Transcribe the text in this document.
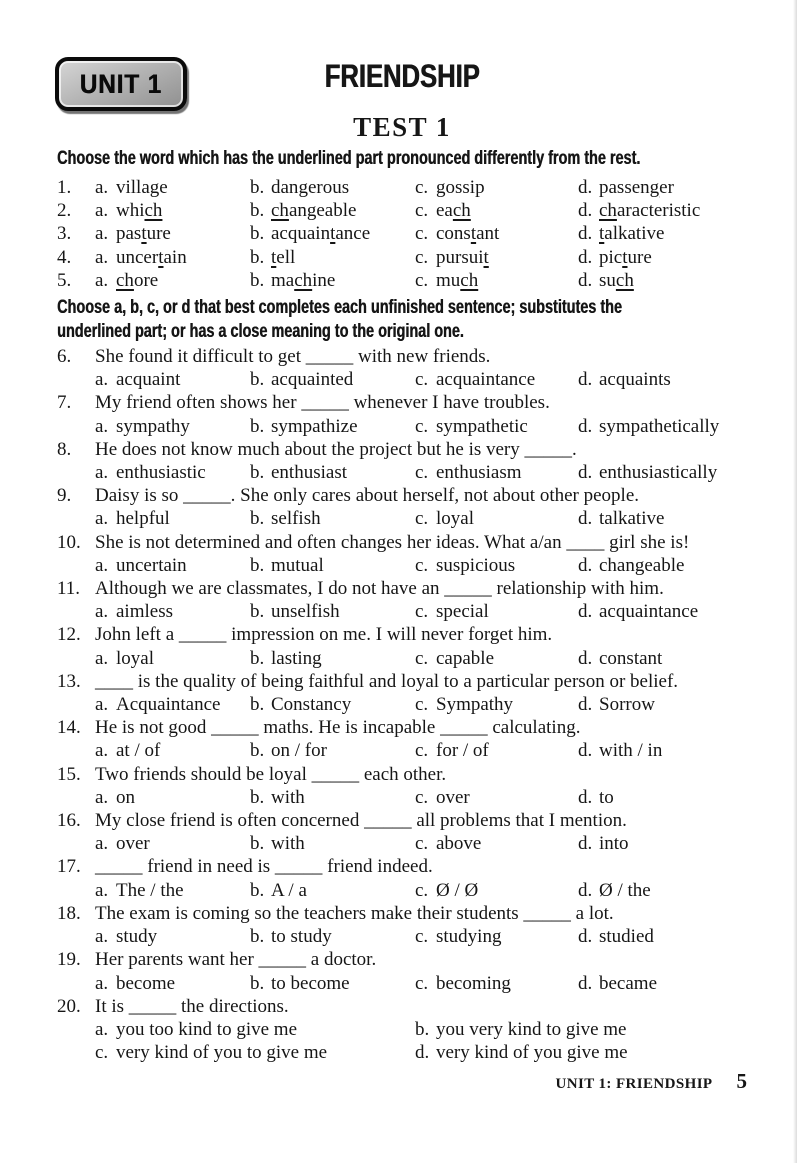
UNIT 1	FRIENDSHIP
TEST 1
Choose the word which has the underlined part pronounced differently from the rest.
1.	a. village	b. dangerous	c. gossip	d. passenger
2.	a. which	b. changeable	c. each	d. characteristic
3.	a. pasture	b. acquaintance	c. constant	d. talkative
4.	a. uncertain	b. tell	c. pursuit	d. picture
5.	a. chore	b. machine	c. much	d. such
Choose a, b, c, or d that best completes each unfinished sentence; substitutes the
underlined part; or has a close meaning to the original one.
6.	She found it difficult to get _____ with new friends.
a. acquaint	b. acquainted	c. acquaintance	d. acquaints
7.	My friend often shows her _____ whenever I have troubles.
a. sympathy	b. sympathize	c. sympathetic	d. sympathetically
8.	He does not know much about the project but he is very _____.
a. enthusiastic	b. enthusiast	c. enthusiasm	d. enthusiastically
9.	Daisy is so _____. She only cares about herself, not about other people.
a. helpful	b. selfish	c. loyal	d. talkative
10. She is not determined and often changes her ideas. What a/an ____ girl she is!
a. uncertain	b. mutual	c. suspicious	d. changeable
11. Although we are classmates, I do not have an _____ relationship with him.
a. aimless	b. unselfish	c. special	d. acquaintance
12. John left a _____ impression on me. I will never forget him.
a. loyal	b. lasting	c. capable	d. constant
13. ____ is the quality of being faithful and loyal to a particular person or belief.
a. Acquaintance	b. Constancy	c. Sympathy	d. Sorrow
14. He is not good _____ maths. He is incapable _____ calculating.
a. at / of	b. on / for	c. for / of	d. with / in
15. Two friends should be loyal _____ each other.
a. on	b. with	c. over	d. to
16. My close friend is often concerned _____ all problems that I mention.
a. over	b. with	c. above	d. into
17. _____ friend in need is _____ friend indeed.
a. The / the	b. A / a	c. Ø / Ø	d. Ø / the
18. The exam is coming so the teachers make their students _____ a lot.
a. study	b. to study	c. studying	d. studied
19. Her parents want her _____ a doctor.
a. become	b. to become	c. becoming	d. became
20. It is _____ the directions.
a. you too kind to give me	b. you very kind to give me
c. very kind of you to give me	d. very kind of you give me
UNIT 1: FRIENDSHIP 5
